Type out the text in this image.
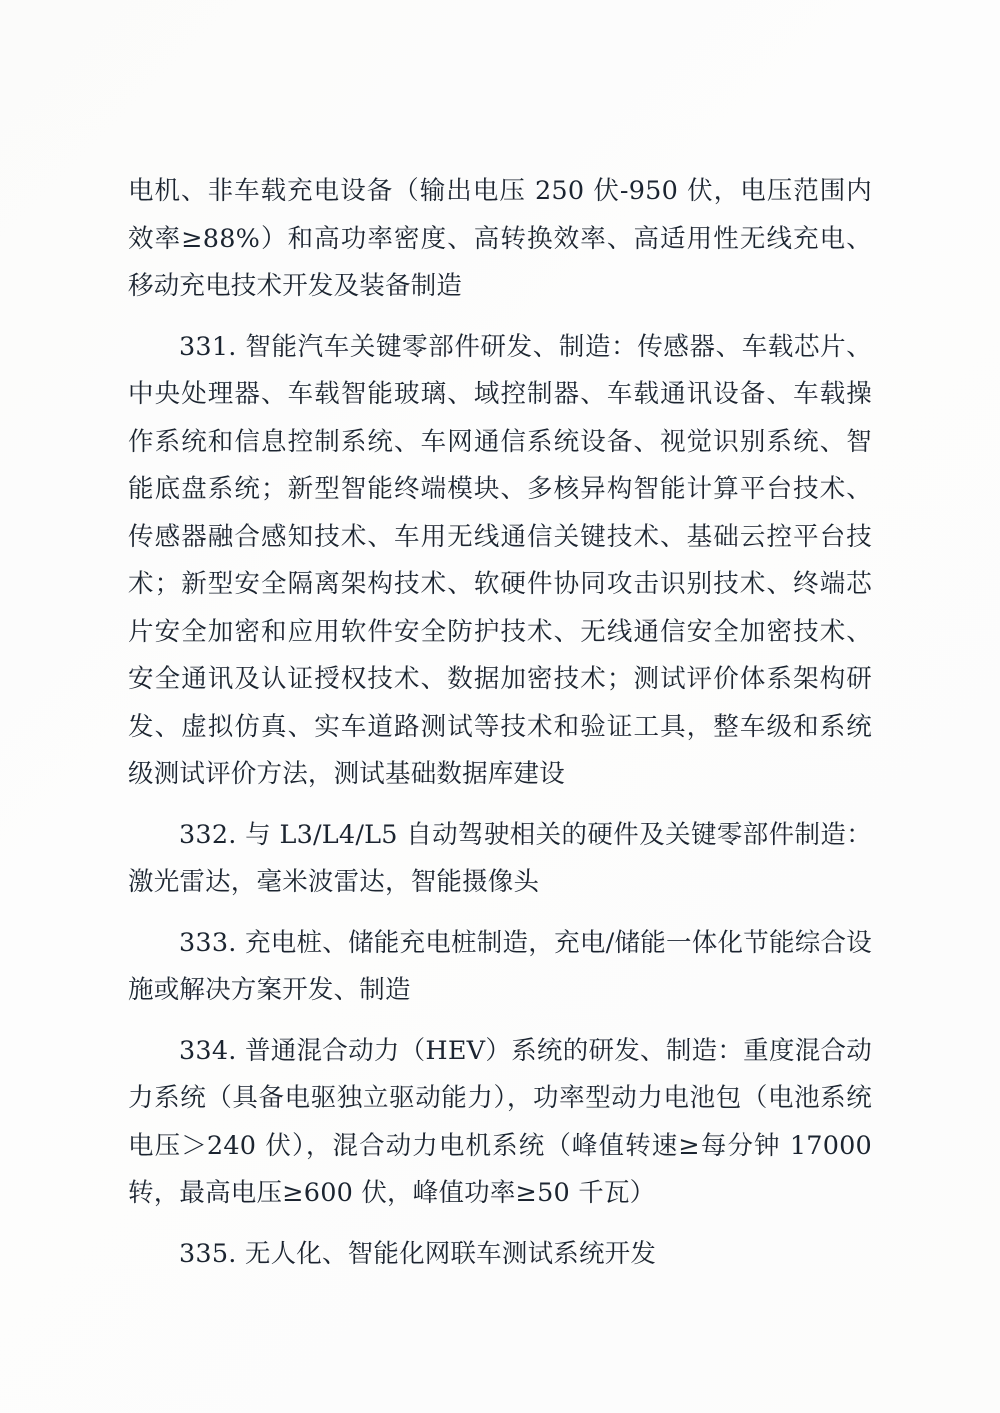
电机、非车载充电设备（输出电压 250 伏-950 伏，电压范围内效率≥88%）和高功率密度、高转换效率、高适用性无线充电、移动充电技术开发及装备制造

331. 智能汽车关键零部件研发、制造：传感器、车载芯片、中央处理器、车载智能玻璃、域控制器、车载通讯设备、车载操作系统和信息控制系统、车网通信系统设备、视觉识别系统、智能底盘系统；新型智能终端模块、多核异构智能计算平台技术、传感器融合感知技术、车用无线通信关键技术、基础云控平台技术；新型安全隔离架构技术、软硬件协同攻击识别技术、终端芯片安全加密和应用软件安全防护技术、无线通信安全加密技术、安全通讯及认证授权技术、数据加密技术；测试评价体系架构研发、虚拟仿真、实车道路测试等技术和验证工具，整车级和系统级测试评价方法，测试基础数据库建设

332. 与 L3/L4/L5 自动驾驶相关的硬件及关键零部件制造：激光雷达，毫米波雷达，智能摄像头

333. 充电桩、储能充电桩制造，充电/储能一体化节能综合设施或解决方案开发、制造

334. 普通混合动力（HEV）系统的研发、制造：重度混合动力系统（具备电驱独立驱动能力），功率型动力电池包（电池系统电压＞240 伏），混合动力电机系统（峰值转速≥每分钟 17000 转，最高电压≥600 伏，峰值功率≥50 千瓦）

335. 无人化、智能化网联车测试系统开发
